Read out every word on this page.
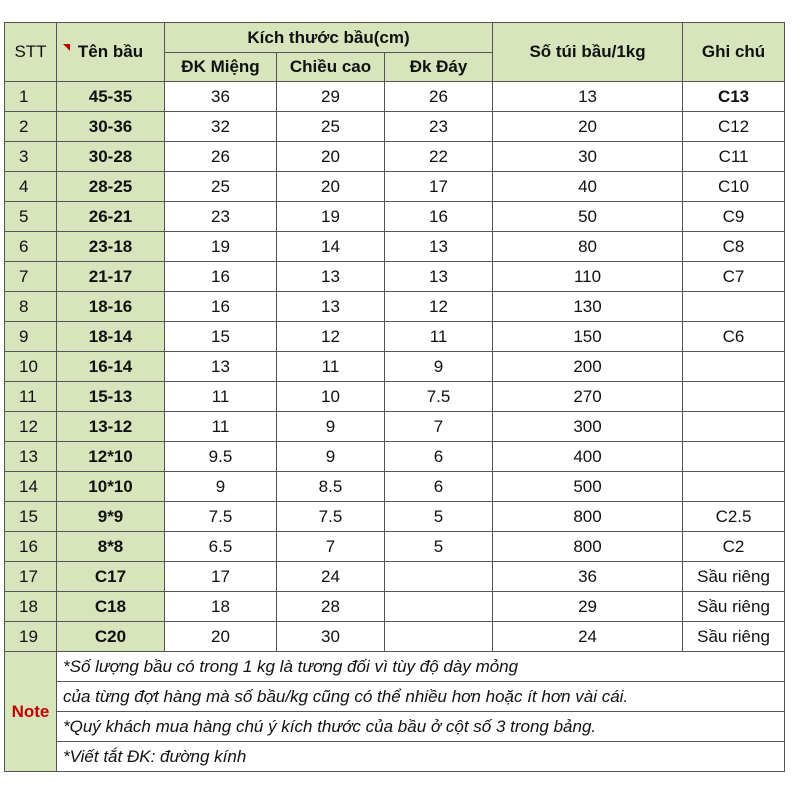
STT	Tên bầu	Kích thước bầu(cm)			Số túi bầu/1kg	Ghi chú
		ĐK Miệng	Chiều cao	Đk Đáy		
1	45-35	36	29	26	13	C13
2	30-36	32	25	23	20	C12
3	30-28	26	20	22	30	C11
4	28-25	25	20	17	40	C10
5	26-21	23	19	16	50	C9
6	23-18	19	14	13	80	C8
7	21-17	16	13	13	110	C7
8	18-16	16	13	12	130	
9	18-14	15	12	11	150	C6
10	16-14	13	11	9	200	
11	15-13	11	10	7.5	270	
12	13-12	11	9	7	300	
13	12*10	9.5	9	6	400	
14	10*10	9	8.5	6	500	
15	9*9	7.5	7.5	5	800	C2.5
16	8*8	6.5	7	5	800	C2
17	C17	17	24		36	Sầu riêng
18	C18	18	28		29	Sầu riêng
19	C20	20	30		24	Sầu riêng
Note	*Số lượng bầu có trong 1 kg là tương đối vì tùy độ dày mỏng					
	của từng đợt hàng mà số bầu/kg cũng có thể nhiều hơn hoặc ít hơn vài cái.					
	*Quý khách mua hàng chú ý kích thước của bầu ở cột số 3 trong bảng.					
	*Viết tắt ĐK: đường kính					
